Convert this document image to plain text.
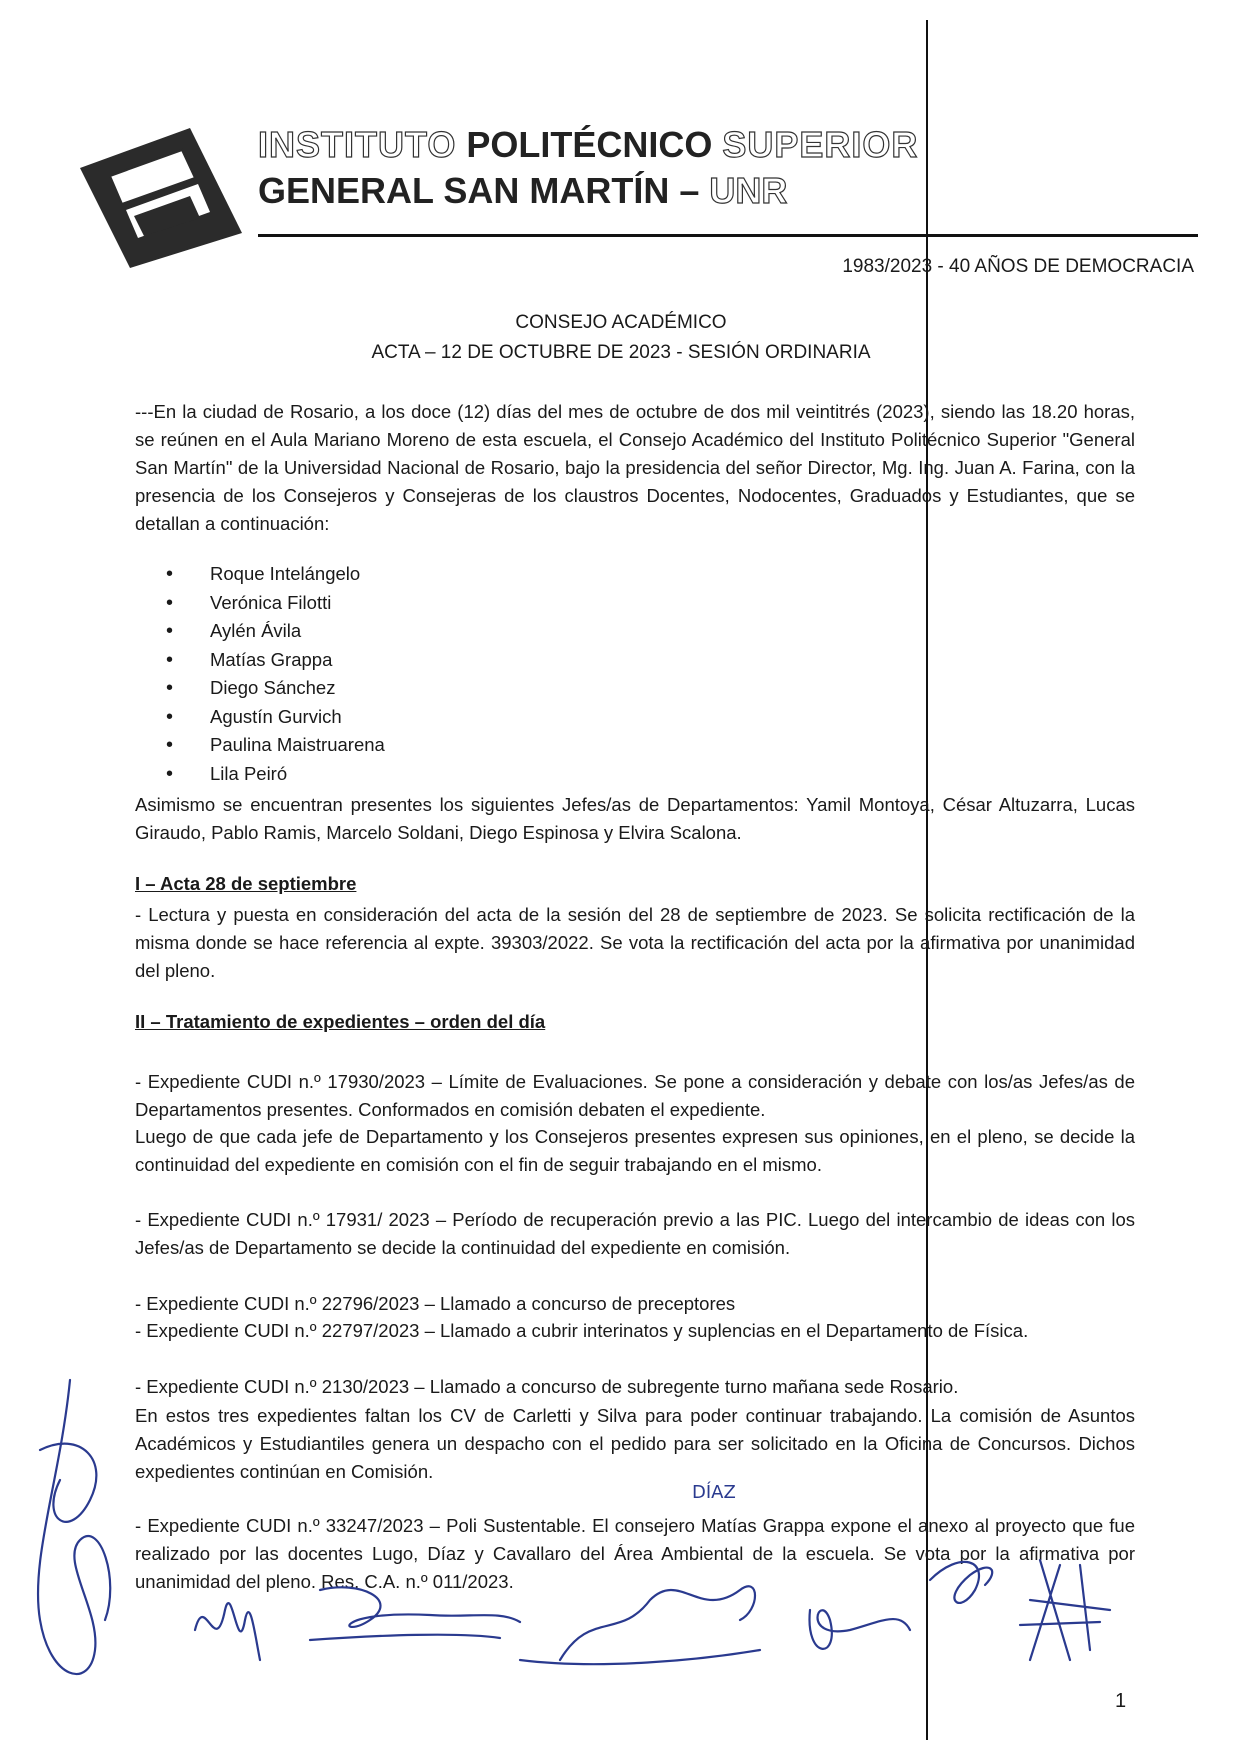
INSTITUTO POLITÉCNICO SUPERIOR
GENERAL SAN MARTÍN – UNR
1983/2023 - 40 AÑOS DE DEMOCRACIA
CONSEJO ACADÉMICO
ACTA – 12 DE OCTUBRE DE 2023 - SESIÓN ORDINARIA
---En la ciudad de Rosario, a los doce (12) días del mes de octubre de dos mil veintitrés (2023), siendo las 18.20 horas, se reúnen en el Aula Mariano Moreno de esta escuela, el Consejo Académico del Instituto Politécnico Superior "General San Martín" de la Universidad Nacional de Rosario, bajo la presidencia del señor Director, Mg. Ing. Juan A. Farina, con la presencia de los Consejeros y Consejeras de los claustros Docentes, Nodocentes, Graduados y Estudiantes, que se detallan a continuación:
• Roque Intelángelo
• Verónica Filotti
• Aylén Ávila
• Matías Grappa
• Diego Sánchez
• Agustín Gurvich
• Paulina Maistruarena
• Lila Peiró
Asimismo se encuentran presentes los siguientes Jefes/as de Departamentos: Yamil Montoya, César Altuzarra, Lucas Giraudo, Pablo Ramis, Marcelo Soldani, Diego Espinosa y Elvira Scalona.
I – Acta 28 de septiembre
- Lectura y puesta en consideración del acta de la sesión del 28 de septiembre de 2023. Se solicita rectificación de la misma donde se hace referencia al expte. 39303/2022. Se vota la rectificación del acta por la afirmativa por unanimidad del pleno.
II – Tratamiento de expedientes – orden del día
- Expediente CUDI n.º 17930/2023 – Límite de Evaluaciones. Se pone a consideración y debate con los/as Jefes/as de Departamentos presentes. Conformados en comisión debaten el expediente.
Luego de que cada jefe de Departamento y los Consejeros presentes expresen sus opiniones, en el pleno, se decide la continuidad del expediente en comisión con el fin de seguir trabajando en el mismo.
- Expediente CUDI n.º 17931/ 2023 – Período de recuperación previo a las PIC. Luego del intercambio de ideas con los Jefes/as de Departamento se decide la continuidad del expediente en comisión.
- Expediente CUDI n.º 22796/2023 – Llamado a concurso de preceptores
- Expediente CUDI n.º 22797/2023 – Llamado a cubrir interinatos y suplencias en el Departamento de Física.
- Expediente CUDI n.º 2130/2023 – Llamado a concurso de subregente turno mañana sede Rosario.
En estos tres expedientes faltan los CV de Carletti y Silva para poder continuar trabajando. La comisión de Asuntos Académicos y Estudiantiles genera un despacho con el pedido para ser solicitado en la Oficina de Concursos. Dichos expedientes continúan en Comisión.
- Expediente CUDI n.º 33247/2023 – Poli Sustentable. El consejero Matías Grappa expone el anexo al proyecto que fue realizado por las docentes Lugo, Díaz y Cavallaro del Área Ambiental de la escuela. Se vota por la afirmativa por unanimidad del pleno. Res. C.A. n.º 011/2023.
DÍAZ
1
